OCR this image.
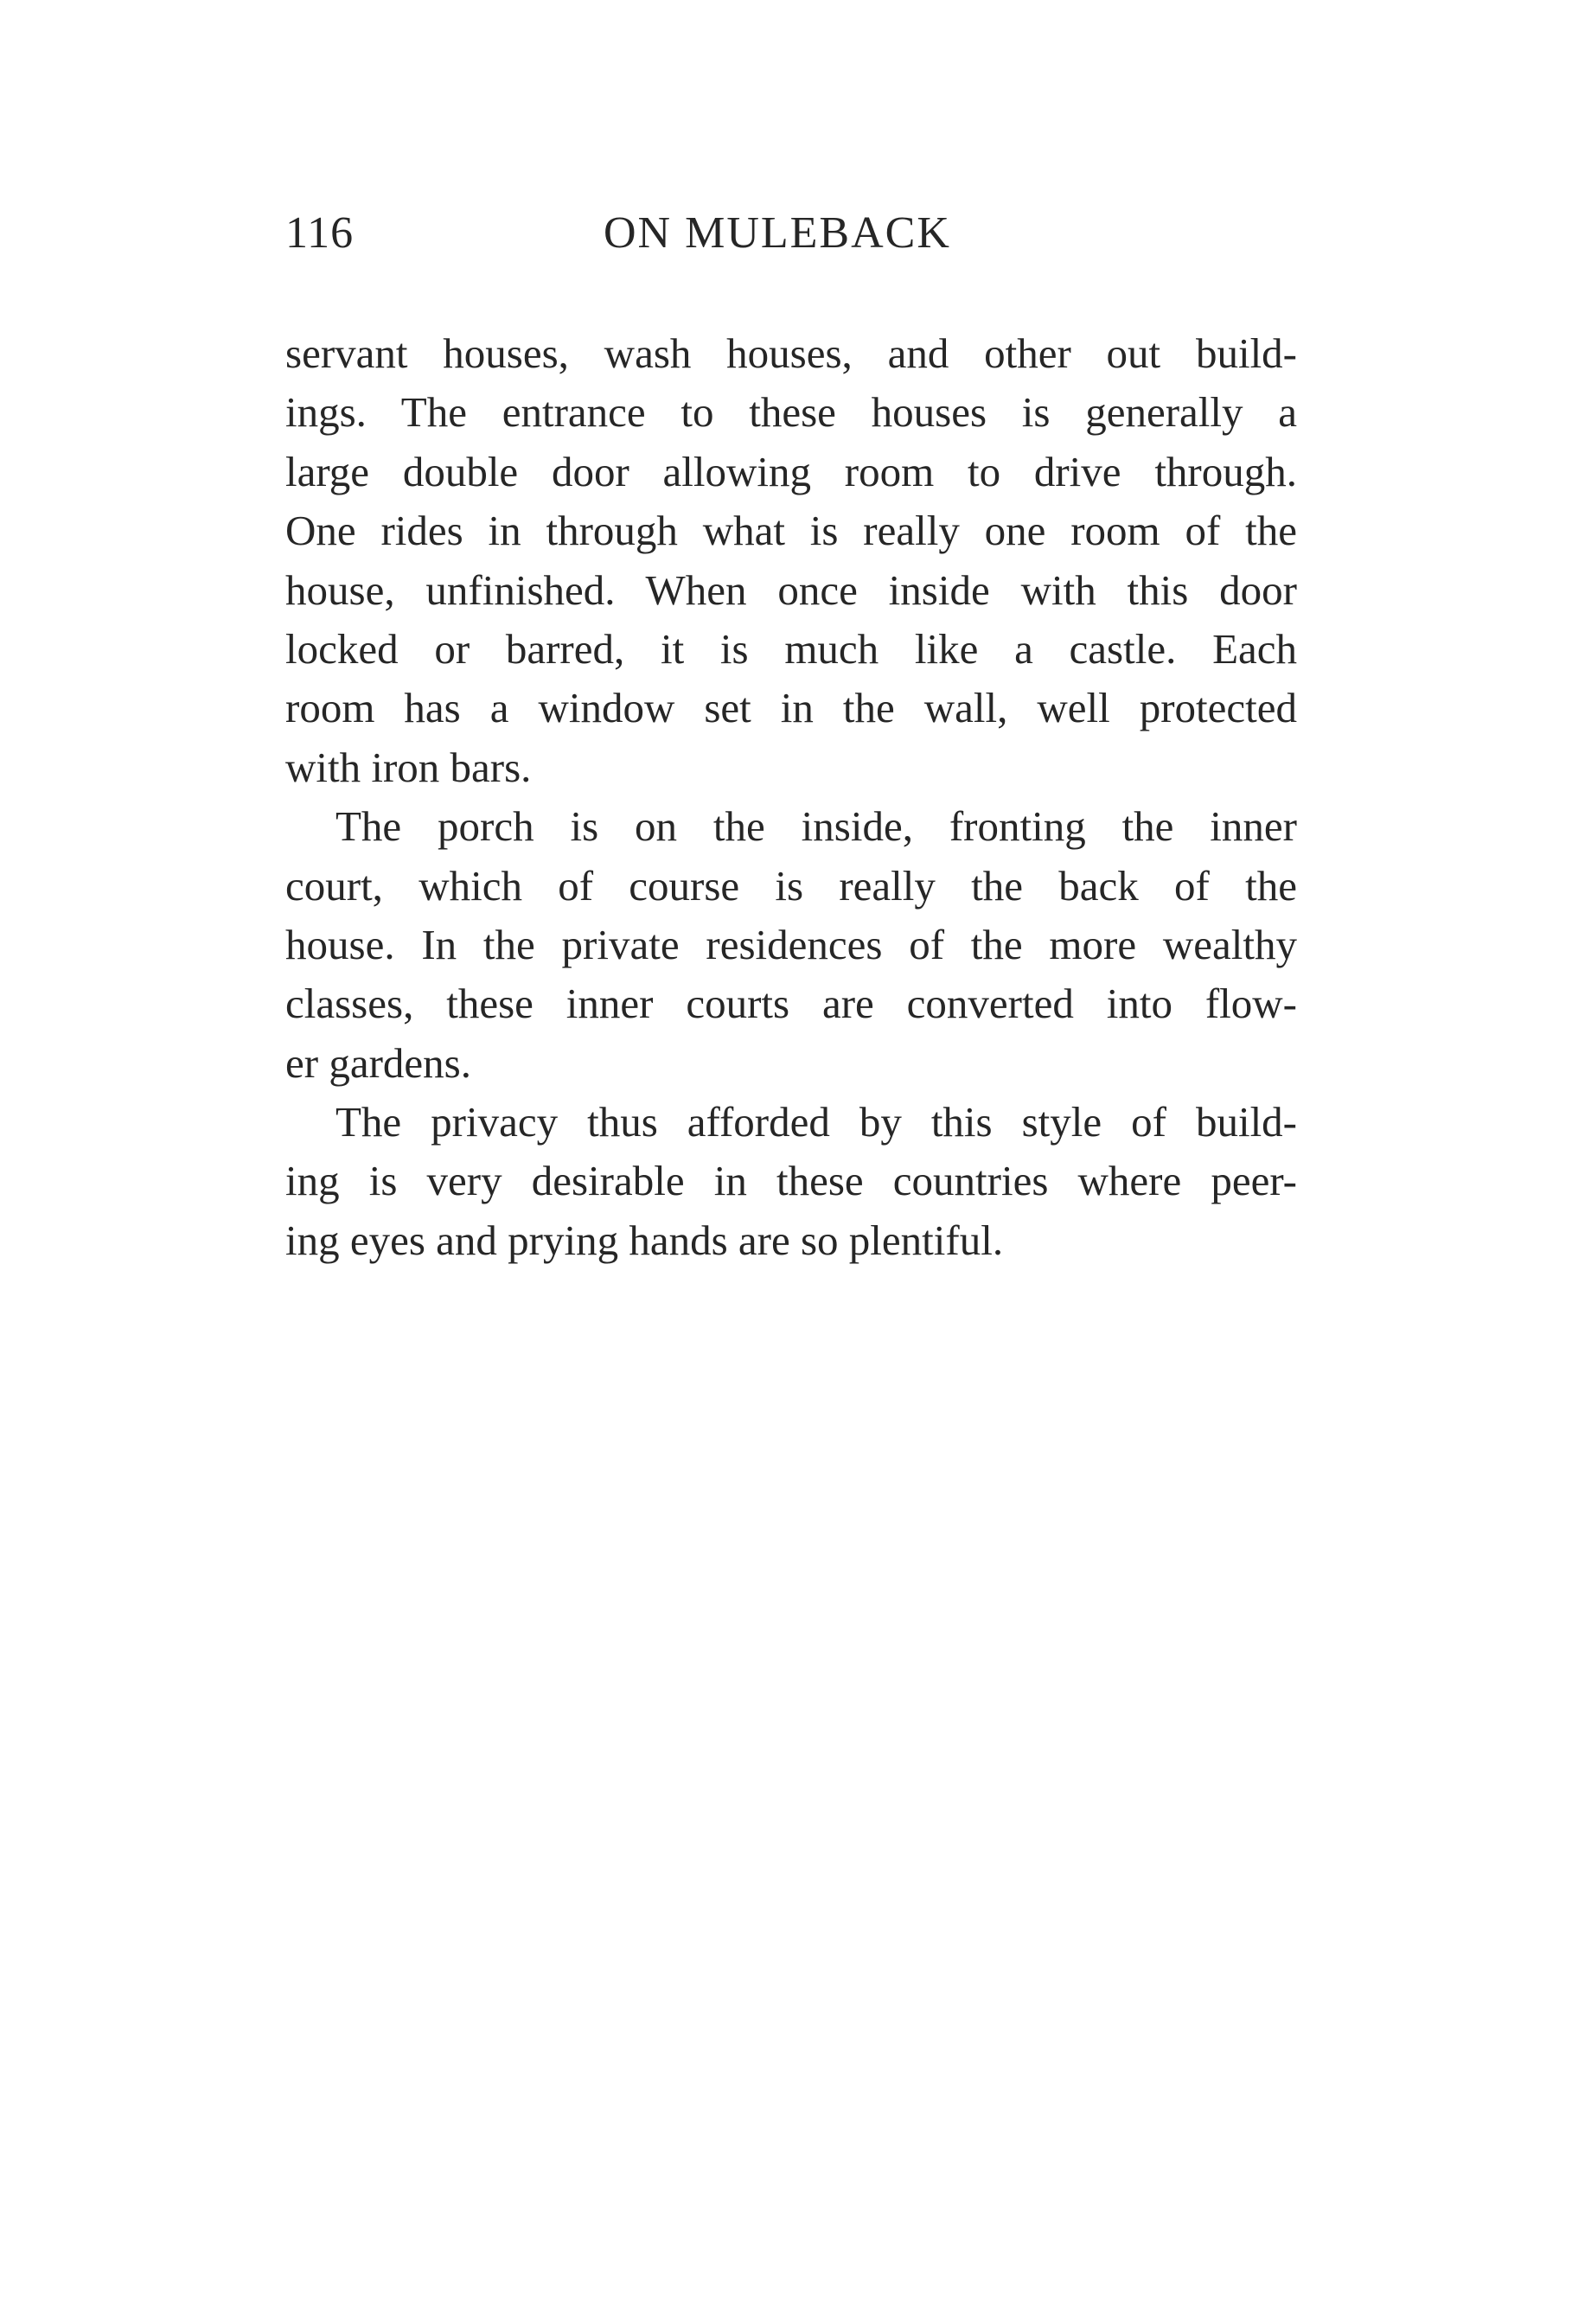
116	ON MULEBACK
servant houses, wash houses, and other out build-
ings. The entrance to these houses is generally a
large double door allowing room to drive through.
One rides in through what is really one room of the
house, unfinished. When once inside with this door
locked or barred, it is much like a castle. Each
room has a window set in the wall, well protected
with iron bars.
The porch is on the inside, fronting the inner
court, which of course is really the back of the
house. In the private residences of the more wealthy
classes, these inner courts are converted into flow-
er gardens.
The privacy thus afforded by this style of build-
ing is very desirable in these countries where peer-
ing eyes and prying hands are so plentiful.
